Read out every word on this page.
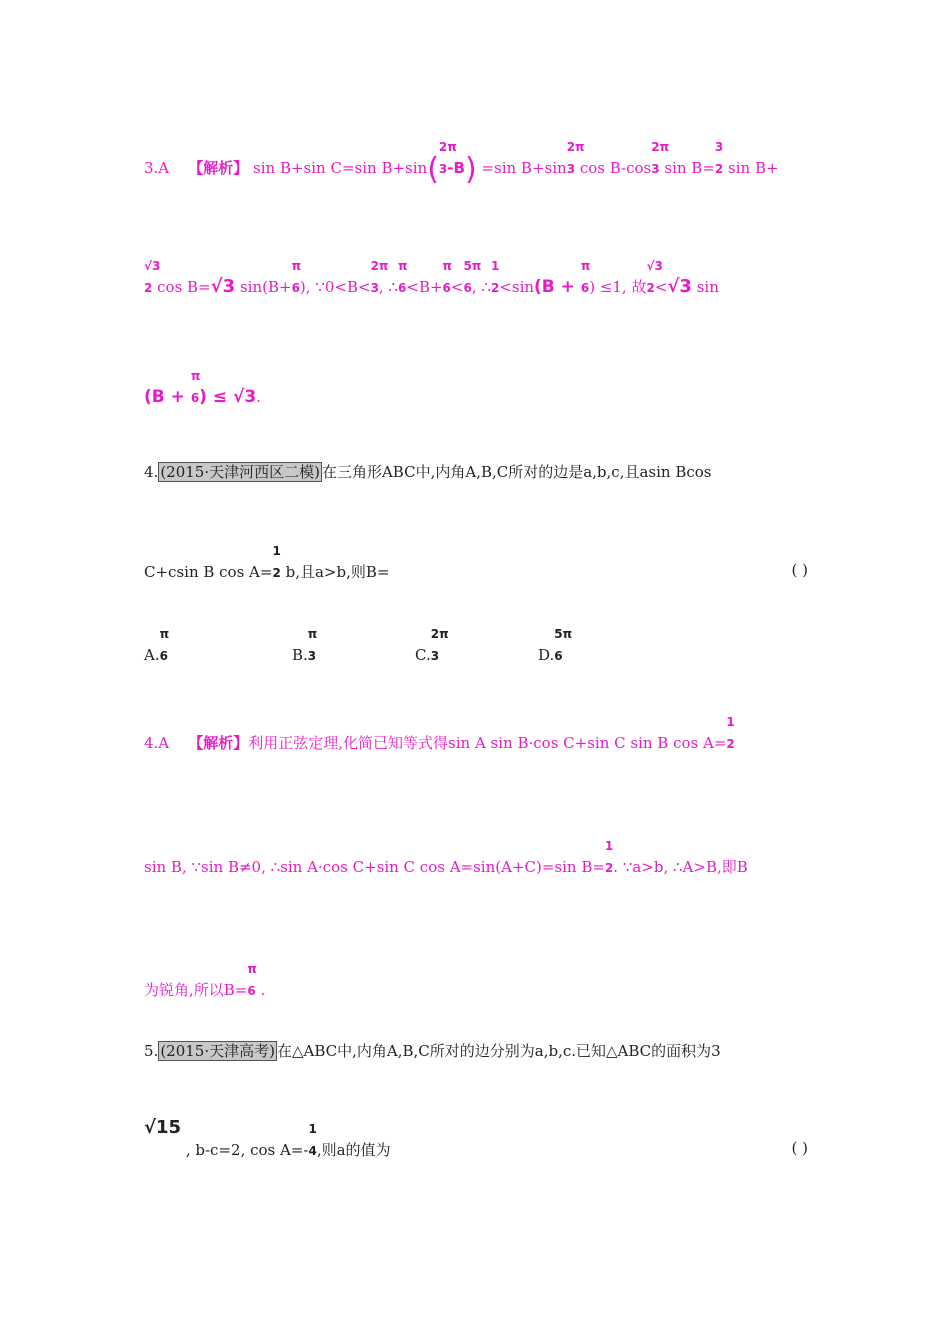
3.A 【解析】 sin B+sin C=sin B+sin(
2π
3-B) =sin B+sin
2π
3 cos B-cos
2π
3 sin B=
3
2 sin B+
√3
2 cos B=√3 sin(B+
π
6), ∵0<B<
2π
3, ∴
π
6<B+
π
6<
5π
6, ∴
1
2<sin(B +
π
6) ≤1, 故
√3
2<√3 sin
(B +
π
6) ≤ √3.
4. (2015·天津河西区二模) 在三角形ABC中,内角A,B,C所对的边是a,b,c,且asin Bcos
C+csin B cos A=
1
2 b,且a>b,则B=	( )
A.
π
6	B.
π
3	C.
2π
3	D.
5π
6
4.A 【解析】利用正弦定理,化简已知等式得sin A sin B·cos C+sin C sin B cos A=
1
2
sin B, ∵sin B≠0, ∴sin A·cos C+sin C cos A=sin(A+C)=sin B=
1
2. ∵a>b, ∴A>B,即B
为锐角,所以B=
π
6 .
5. (2015·天津高考) 在△ABC中,内角A,B,C所对的边分别为a,b,c.已知△ABC的面积为3
√15 , b-c=2, cos A=-
1
4,则a的值为	( )
